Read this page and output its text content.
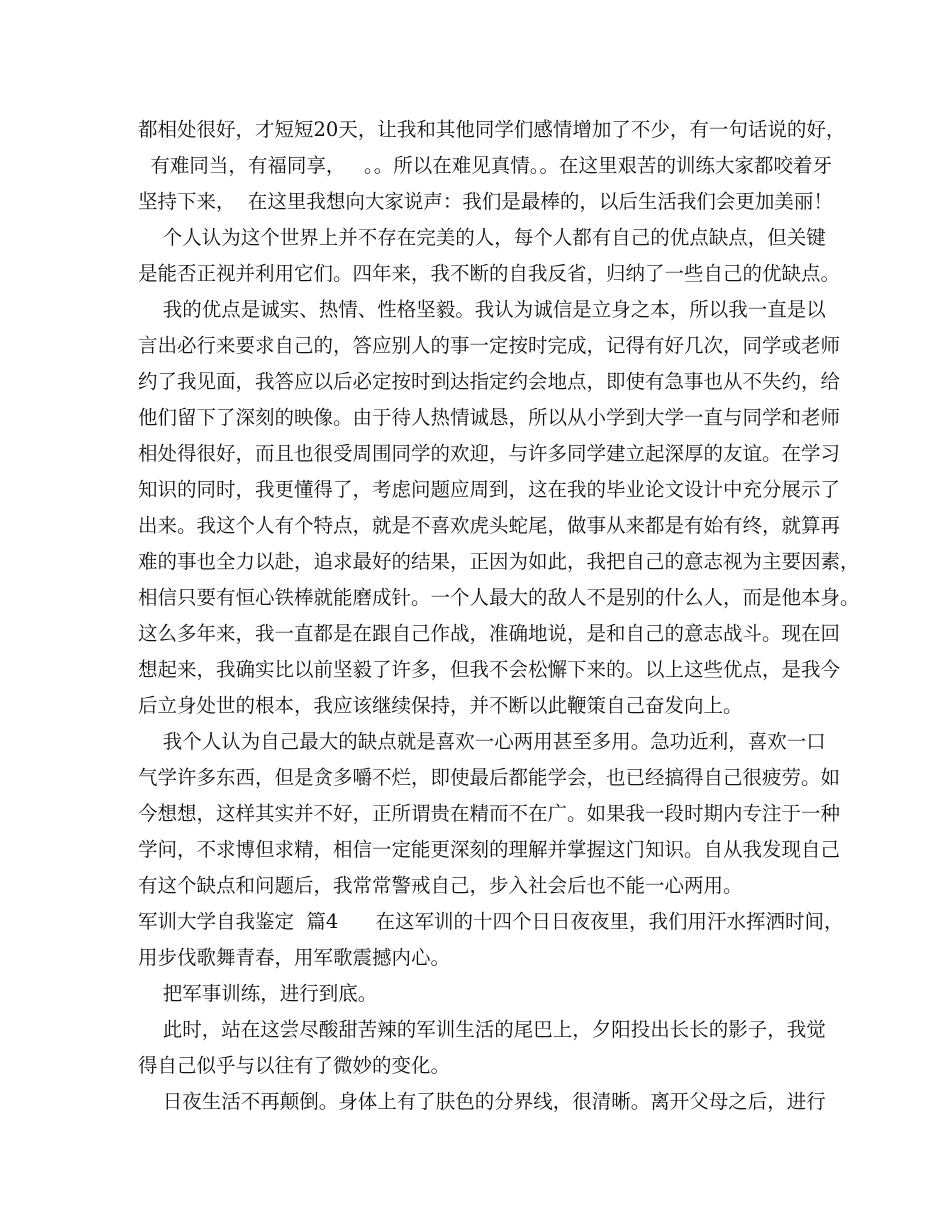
都相处很好，才短短20天，让我和其他同学们感情增加了不少，有一句话说的好，
有难同当，有福同享，   。。所以在难见真情。。在这里艰苦的训练大家都咬着牙
坚持下来，  在这里我想向大家说声：我们是最棒的，以后生活我们会更加美丽！
个人认为这个世界上并不存在完美的人，每个人都有自己的优点缺点，但关键
是能否正视并利用它们。四年来，我不断的自我反省，归纳了一些自己的优缺点。
我的优点是诚实、热情、性格坚毅。我认为诚信是立身之本，所以我一直是以
言出必行来要求自己的，答应别人的事一定按时完成，记得有好几次，同学或老师
约了我见面，我答应以后必定按时到达指定约会地点，即使有急事也从不失约，给
他们留下了深刻的映像。由于待人热情诚恳，所以从小学到大学一直与同学和老师
相处得很好，而且也很受周围同学的欢迎，与许多同学建立起深厚的友谊。在学习
知识的同时，我更懂得了，考虑问题应周到，这在我的毕业论文设计中充分展示了
出来。我这个人有个特点，就是不喜欢虎头蛇尾，做事从来都是有始有终，就算再
难的事也全力以赴，追求最好的结果，正因为如此，我把自己的意志视为主要因素，
相信只要有恒心铁棒就能磨成针。一个人最大的敌人不是别的什么人，而是他本身。
这么多年来，我一直都是在跟自己作战，准确地说，是和自己的意志战斗。现在回
想起来，我确实比以前坚毅了许多，但我不会松懈下来的。以上这些优点，是我今
后立身处世的根本，我应该继续保持，并不断以此鞭策自己奋发向上。
我个人认为自己最大的缺点就是喜欢一心两用甚至多用。急功近利，喜欢一口
气学许多东西，但是贪多嚼不烂，即使最后都能学会，也已经搞得自己很疲劳。如
今想想，这样其实并不好，正所谓贵在精而不在广。如果我一段时期内专注于一种
学问，不求博但求精，相信一定能更深刻的理解并掌握这门知识。自从我发现自己
有这个缺点和问题后，我常常警戒自己，步入社会后也不能一心两用。
军训大学自我鉴定  篇4      在这军训的十四个日日夜夜里，我们用汗水挥洒时间，
用步伐歌舞青春，用军歌震撼内心。
把军事训练，进行到底。
此时，站在这尝尽酸甜苦辣的军训生活的尾巴上，夕阳投出长长的影子，我觉
得自己似乎与以往有了微妙的变化。
日夜生活不再颠倒。身体上有了肤色的分界线，很清晰。离开父母之后，进行
